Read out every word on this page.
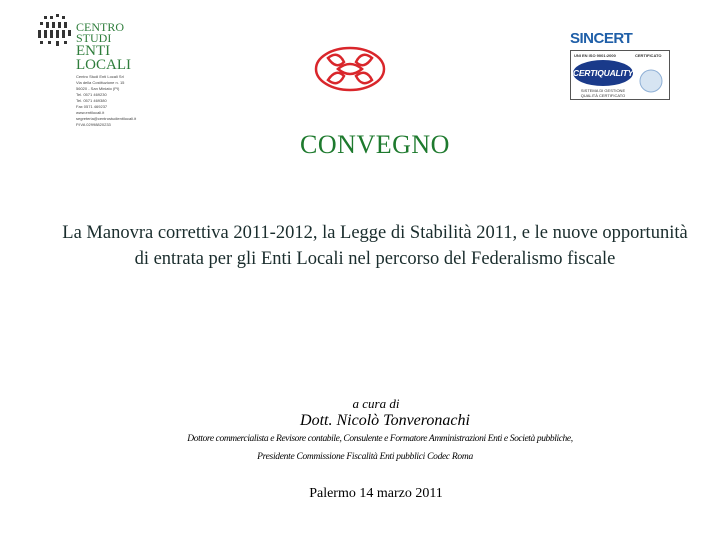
CENTRO
STUDI
ENTI
LOCALI
Centro Studi Enti Locali Srl
Via della Costituzione n. 15
56020 - San Miniato (PI)
Tel. 0571 469230
Tel. 0571 469380
Fax 0571 469237
www.entilocali.it
segreteria@centrostudientilocali.it
P.IVA 02998820233
SINCERT
UNI EN ISO 9001:2000
CERTIQUALITY
SISTEMA DI GESTIONE QUALITÀ CERTIFICATO
CERTIFICATO
CONVEGNO
La Manovra correttiva 2011-2012, la Legge di Stabilità 2011, e le nuove opportunità di entrata per gli Enti Locali nel percorso del Federalismo fiscale
a cura di
Dott. Nicolò Tonveronachi
Dottore commercialista e Revisore contabile, Consulente e Formatore Amministrazioni Enti e Società pubbliche,
Presidente Commissione Fiscalità Enti pubblici Codec Roma
Palermo 14 marzo 2011
